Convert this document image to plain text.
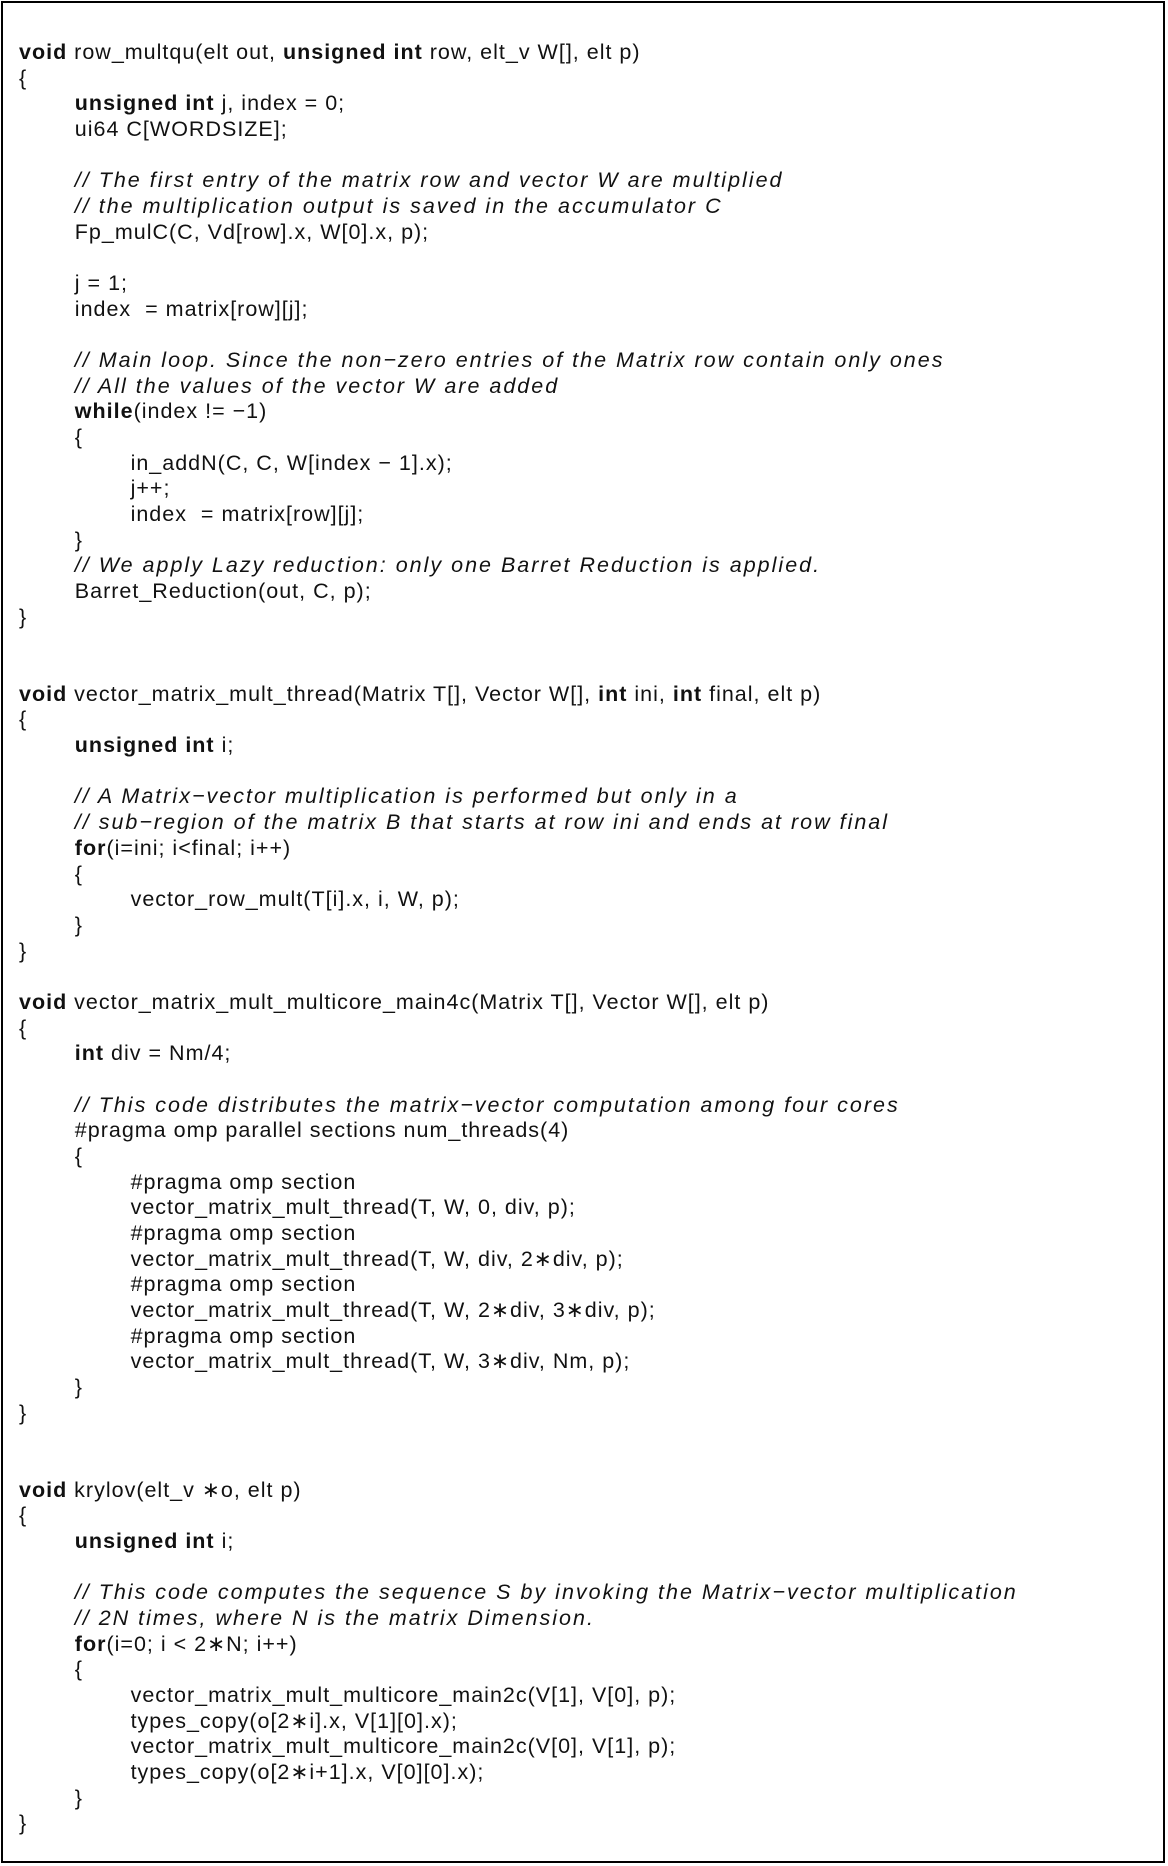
void row_multqu(elt out, unsigned int row, elt_v W[], elt p)
{
unsigned int j, index = 0;
ui64 C[WORDSIZE];
// The first entry of the matrix row and vector W are multiplied
// the multiplication output is saved in the accumulator C
Fp_mulC(C, Vd[row].x, W[0].x, p);
j = 1;
index  = matrix[row][j];
// Main loop. Since the non−zero entries of the Matrix row contain only ones
// All the values of the vector W are added
while(index != −1)
{
in_addN(C, C, W[index − 1].x);
j++;
index  = matrix[row][j];
}
// We apply Lazy reduction: only one Barret Reduction is applied.
Barret_Reduction(out, C, p);
}
void vector_matrix_mult_thread(Matrix T[], Vector W[], int ini, int final, elt p)
{
unsigned int i;
// A Matrix−vector multiplication is performed but only in a
// sub−region of the matrix B that starts at row ini and ends at row final
for(i=ini; i<final; i++)
{
vector_row_mult(T[i].x, i, W, p);
}
}
void vector_matrix_mult_multicore_main4c(Matrix T[], Vector W[], elt p)
{
int div = Nm/4;
// This code distributes the matrix−vector computation among four cores
#pragma omp parallel sections num_threads(4)
{
#pragma omp section
vector_matrix_mult_thread(T, W, 0, div, p);
#pragma omp section
vector_matrix_mult_thread(T, W, div, 2∗div, p);
#pragma omp section
vector_matrix_mult_thread(T, W, 2∗div, 3∗div, p);
#pragma omp section
vector_matrix_mult_thread(T, W, 3∗div, Nm, p);
}
}
void krylov(elt_v ∗o, elt p)
{
unsigned int i;
// This code computes the sequence S by invoking the Matrix−vector multiplication
// 2N times, where N is the matrix Dimension.
for(i=0; i < 2∗N; i++)
{
vector_matrix_mult_multicore_main2c(V[1], V[0], p);
types_copy(o[2∗i].x, V[1][0].x);
vector_matrix_mult_multicore_main2c(V[0], V[1], p);
types_copy(o[2∗i+1].x, V[0][0].x);
}
}
